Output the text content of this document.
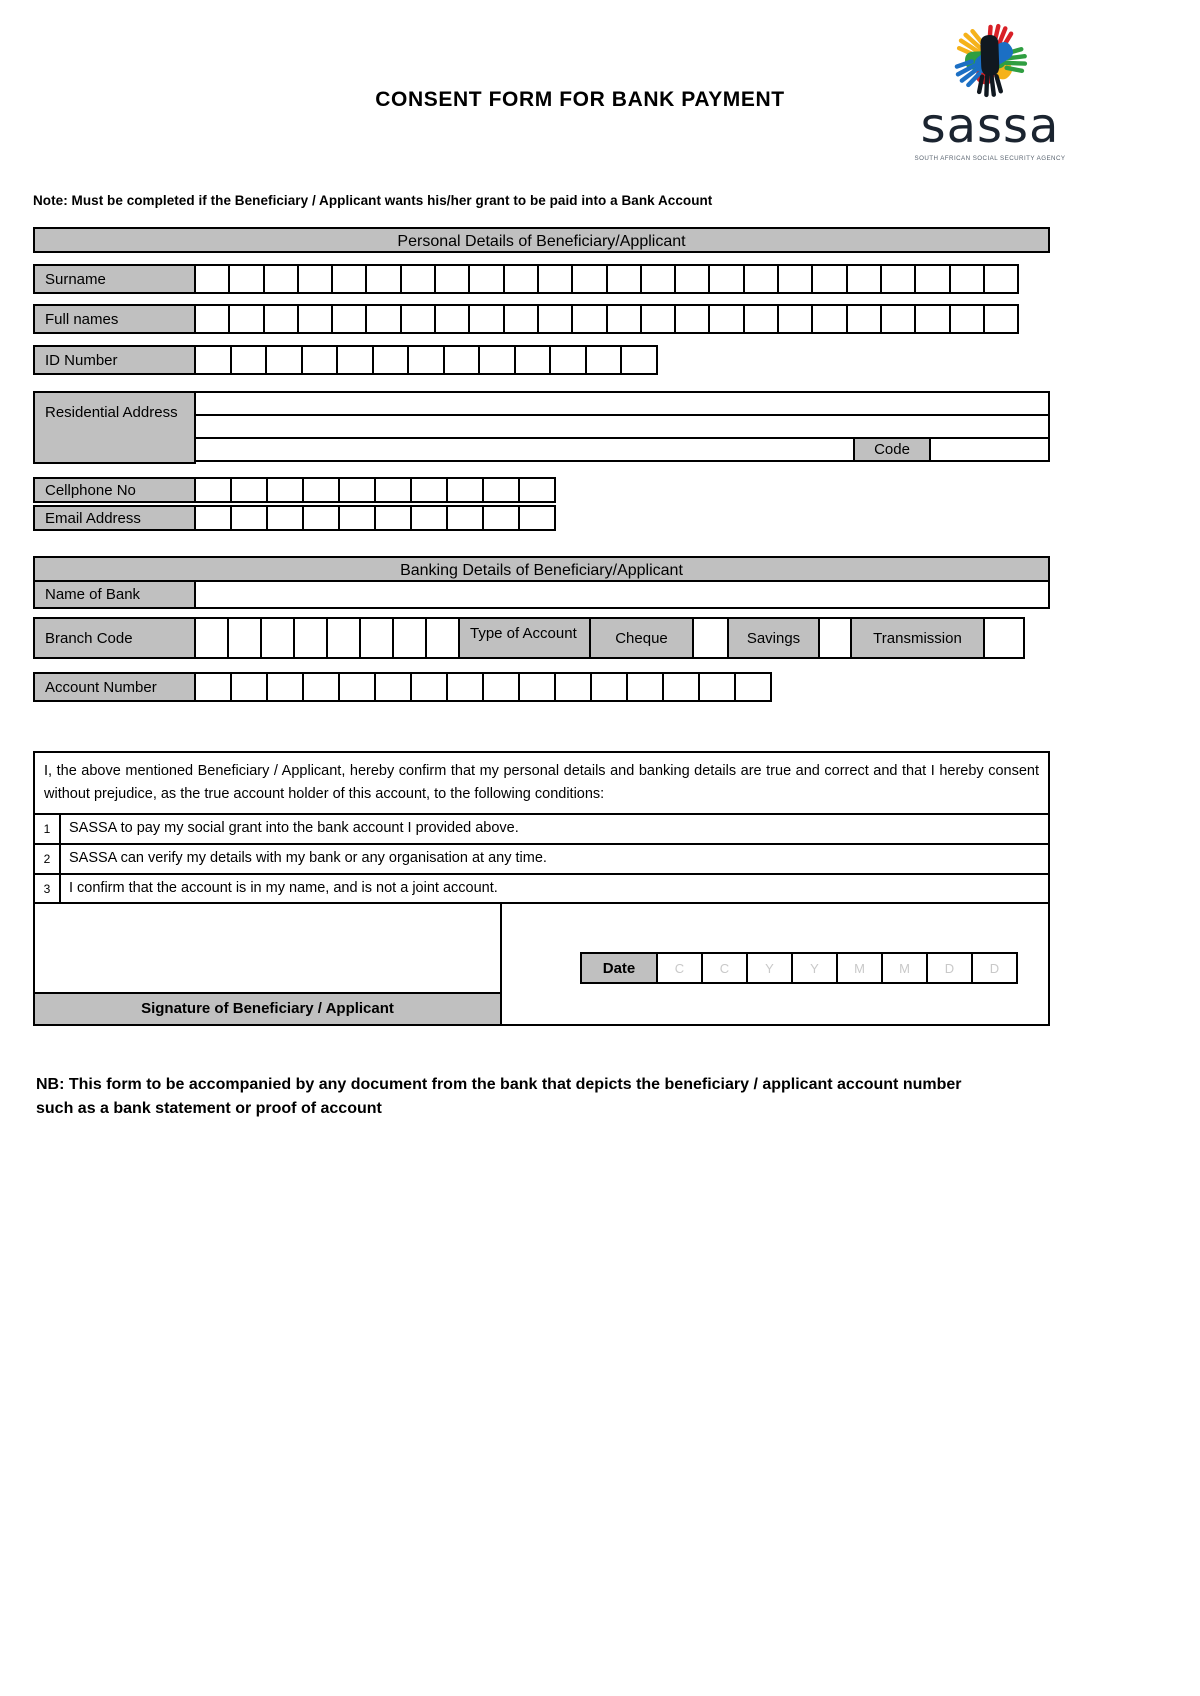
sassa
SOUTH AFRICAN SOCIAL SECURITY AGENCY
CONSENT FORM FOR BANK PAYMENT
Note: Must be completed if the Beneficiary / Applicant wants his/her grant to be paid into a Bank Account
Personal Details of Beneficiary/Applicant
Surname
Full names
ID Number
Residential Address
Code
Cellphone No
Email Address
Banking Details of Beneficiary/Applicant
Name of Bank
Branch Code	Type of Account	Cheque	Savings	Transmission
Account Number
I, the above mentioned Beneficiary / Applicant, hereby confirm that my personal details and banking details are true and correct and that I hereby consent without prejudice, as the true account holder of this account, to the following conditions:
1	SASSA to pay my social grant into the bank account I provided above.
2	SASSA can verify my details with my bank or any organisation at any time.
3	I confirm that the account is in my name, and is not a joint account.
Signature of Beneficiary / Applicant
Date	C	C	Y	Y	M	M	D	D
NB: This form to be accompanied by any document from the bank that depicts the beneficiary / applicant account number such as a bank statement or proof of account
